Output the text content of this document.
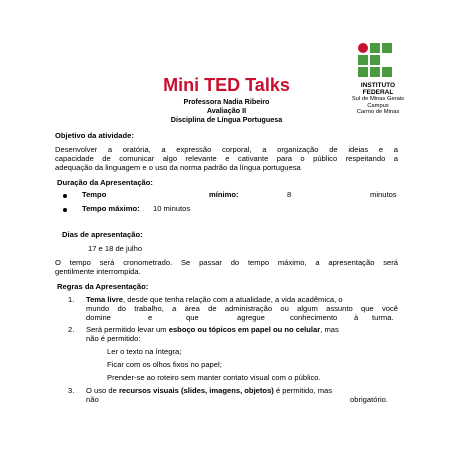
INSTITUTO
FEDERAL
Sul de Minas Gerais
Campus
Carmo de Minas
Mini TED Talks
Professora Nadia Ribeiro
Avaliação II
Disciplina de Língua Portuguesa
Objetivo da atividade:
Desenvolver a oratória, a expressão corporal, a organização de ideias e a
capacidade de comunicar algo relevante e cativante para o público respeitando a
adequação da linguagem e o uso da norma padrão da língua portuguesa
Duração da Apresentação:
Tempo	mínimo:	8	minutos
Tempo máximo: 10 minutos
Dias de apresentação:
17 e 18 de julho
O tempo será cronometrado. Se passar do tempo máximo, a apresentação será
gentilmente interrompida.
Regras da Apresentação:
1. Tema livre, desde que tenha relação com a atualidade, a vida acadêmica, o
mundo do trabalho, a área de administração ou algum assunto que você
domine	e	que	agregue	conhecimento à turma.
2. Será permitido levar um esboço ou tópicos em papel ou no celular, mas
não é permitido:
Ler o texto na íntegra;
Ficar com os olhos fixos no papel;
Prender-se ao roteiro sem manter contato visual com o público.
3. O uso de recursos visuais (slides, imagens, objetos) é permitido, mas
não	obrigatório.
